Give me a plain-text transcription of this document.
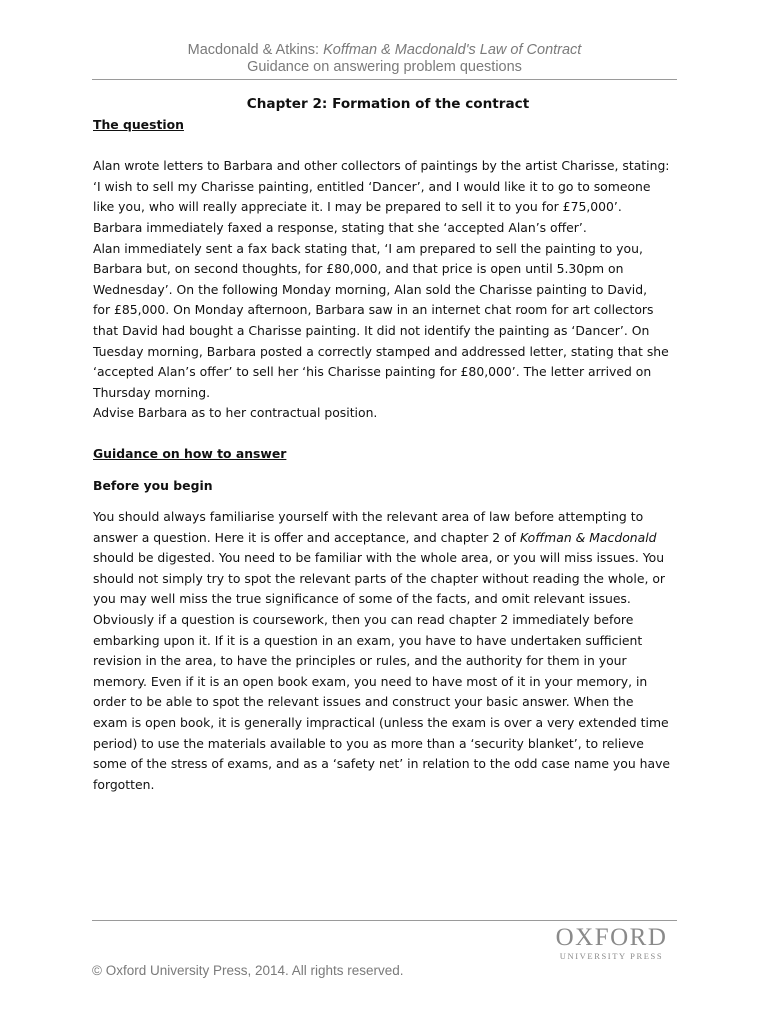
Macdonald & Atkins: Koffman & Macdonald's Law of Contract
Guidance on answering problem questions

Chapter 2: Formation of the contract

The question

Alan wrote letters to Barbara and other collectors of paintings by the artist Charisse, stating:
‘I wish to sell my Charisse painting, entitled ‘Dancer’, and I would like it to go to someone
like you, who will really appreciate it. I may be prepared to sell it to you for £75,000’.
Barbara immediately faxed a response, stating that she ‘accepted Alan’s offer’.
Alan immediately sent a fax back stating that, ‘I am prepared to sell the painting to you,
Barbara but, on second thoughts, for £80,000, and that price is open until 5.30pm on
Wednesday’. On the following Monday morning, Alan sold the Charisse painting to David,
for £85,000. On Monday afternoon, Barbara saw in an internet chat room for art collectors
that David had bought a Charisse painting. It did not identify the painting as ‘Dancer’. On
Tuesday morning, Barbara posted a correctly stamped and addressed letter, stating that she
‘accepted Alan’s offer’ to sell her ‘his Charisse painting for £80,000’. The letter arrived on
Thursday morning.
Advise Barbara as to her contractual position.

Guidance on how to answer

Before you begin

You should always familiarise yourself with the relevant area of law before attempting to
answer a question. Here it is offer and acceptance, and chapter 2 of Koffman & Macdonald
should be digested. You need to be familiar with the whole area, or you will miss issues. You
should not simply try to spot the relevant parts of the chapter without reading the whole, or
you may well miss the true significance of some of the facts, and omit relevant issues.
Obviously if a question is coursework, then you can read chapter 2 immediately before
embarking upon it. If it is a question in an exam, you have to have undertaken sufficient
revision in the area, to have the principles or rules, and the authority for them in your
memory. Even if it is an open book exam, you need to have most of it in your memory, in
order to be able to spot the relevant issues and construct your basic answer. When the
exam is open book, it is generally impractical (unless the exam is over a very extended time
period) to use the materials available to you as more than a ‘security blanket’, to relieve
some of the stress of exams, and as a ‘safety net’ in relation to the odd case name you have
forgotten.

OXFORD
UNIVERSITY PRESS
© Oxford University Press, 2014. All rights reserved.
